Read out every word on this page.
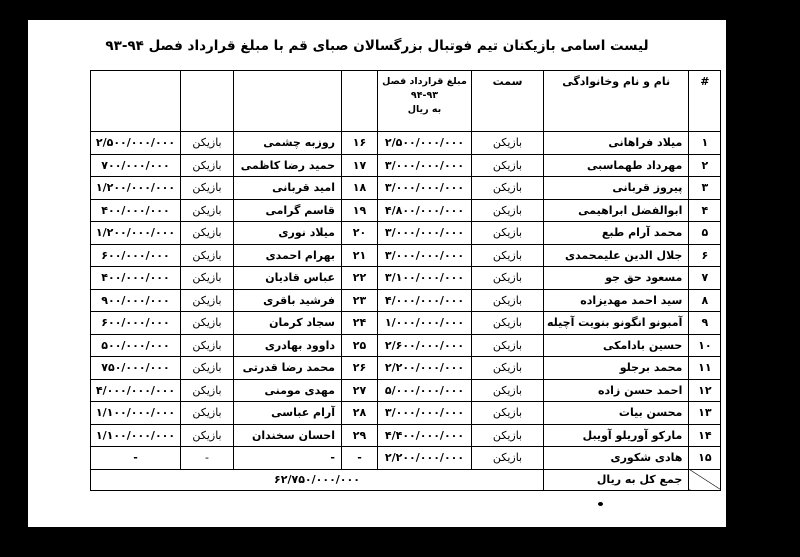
لیست اسامی بازیکنان تیم فوتبال بزرگسالان صبای قم با مبلغ قرارداد فصل ۹۴-۹۳
#	نام و نام وخانوادگی	سمت	مبلغ قرارداد فصل
۹۴-۹۳
به ریال				

۱	میلاد فراهانی	بازیکن	۲/۵۰۰/۰۰۰/۰۰۰	۱۶	روزبه چشمی	بازیکن	۲/۵۰۰/۰۰۰/۰۰۰
۲	مهرداد طهماسبی	بازیکن	۳/۰۰۰/۰۰۰/۰۰۰	۱۷	حمید رضا کاظمی	بازیکن	۷۰۰/۰۰۰/۰۰۰
۳	پیروز قربانی	بازیکن	۳/۰۰۰/۰۰۰/۰۰۰	۱۸	امید قربانی	بازیکن	۱/۲۰۰/۰۰۰/۰۰۰
۴	ابوالفضل ابراهیمی	بازیکن	۴/۸۰۰/۰۰۰/۰۰۰	۱۹	قاسم گرامی	بازیکن	۴۰۰/۰۰۰/۰۰۰
۵	محمد آرام طبع	بازیکن	۳/۰۰۰/۰۰۰/۰۰۰	۲۰	میلاد نوری	بازیکن	۱/۲۰۰/۰۰۰/۰۰۰
۶	جلال الدین علیمحمدی	بازیکن	۳/۰۰۰/۰۰۰/۰۰۰	۲۱	بهرام احمدی	بازیکن	۶۰۰/۰۰۰/۰۰۰
۷	مسعود حق جو	بازیکن	۳/۱۰۰/۰۰۰/۰۰۰	۲۲	عباس قادیان	بازیکن	۴۰۰/۰۰۰/۰۰۰
۸	سید احمد مهدیزاده	بازیکن	۴/۰۰۰/۰۰۰/۰۰۰	۲۳	فرشید باقری	بازیکن	۹۰۰/۰۰۰/۰۰۰
۹	آمبونو انگونو بنویت آچیله	بازیکن	۱/۰۰۰/۰۰۰/۰۰۰	۲۴	سجاد کرمان	بازیکن	۶۰۰/۰۰۰/۰۰۰
۱۰	حسین بادامکی	بازیکن	۲/۶۰۰/۰۰۰/۰۰۰	۲۵	داوود بهادری	بازیکن	۵۰۰/۰۰۰/۰۰۰
۱۱	محمد برجلو	بازیکن	۲/۲۰۰/۰۰۰/۰۰۰	۲۶	محمد رضا قدرتی	بازیکن	۷۵۰/۰۰۰/۰۰۰
۱۲	احمد حسن زاده	بازیکن	۵/۰۰۰/۰۰۰/۰۰۰	۲۷	مهدی مومنی	بازیکن	۴/۰۰۰/۰۰۰/۰۰۰
۱۳	محسن بیات	بازیکن	۳/۰۰۰/۰۰۰/۰۰۰	۲۸	آرام عباسی	بازیکن	۱/۱۰۰/۰۰۰/۰۰۰
۱۴	مارکو آوریلو آویبل	بازیکن	۴/۴۰۰/۰۰۰/۰۰۰	۲۹	احسان سخندان	بازیکن	۱/۱۰۰/۰۰۰/۰۰۰
۱۵	هادی شکوری	بازیکن	۲/۲۰۰/۰۰۰/۰۰۰	-	-	-	-
	جمع کل به ریال	۶۲/۷۵۰/۰۰۰/۰۰۰					
